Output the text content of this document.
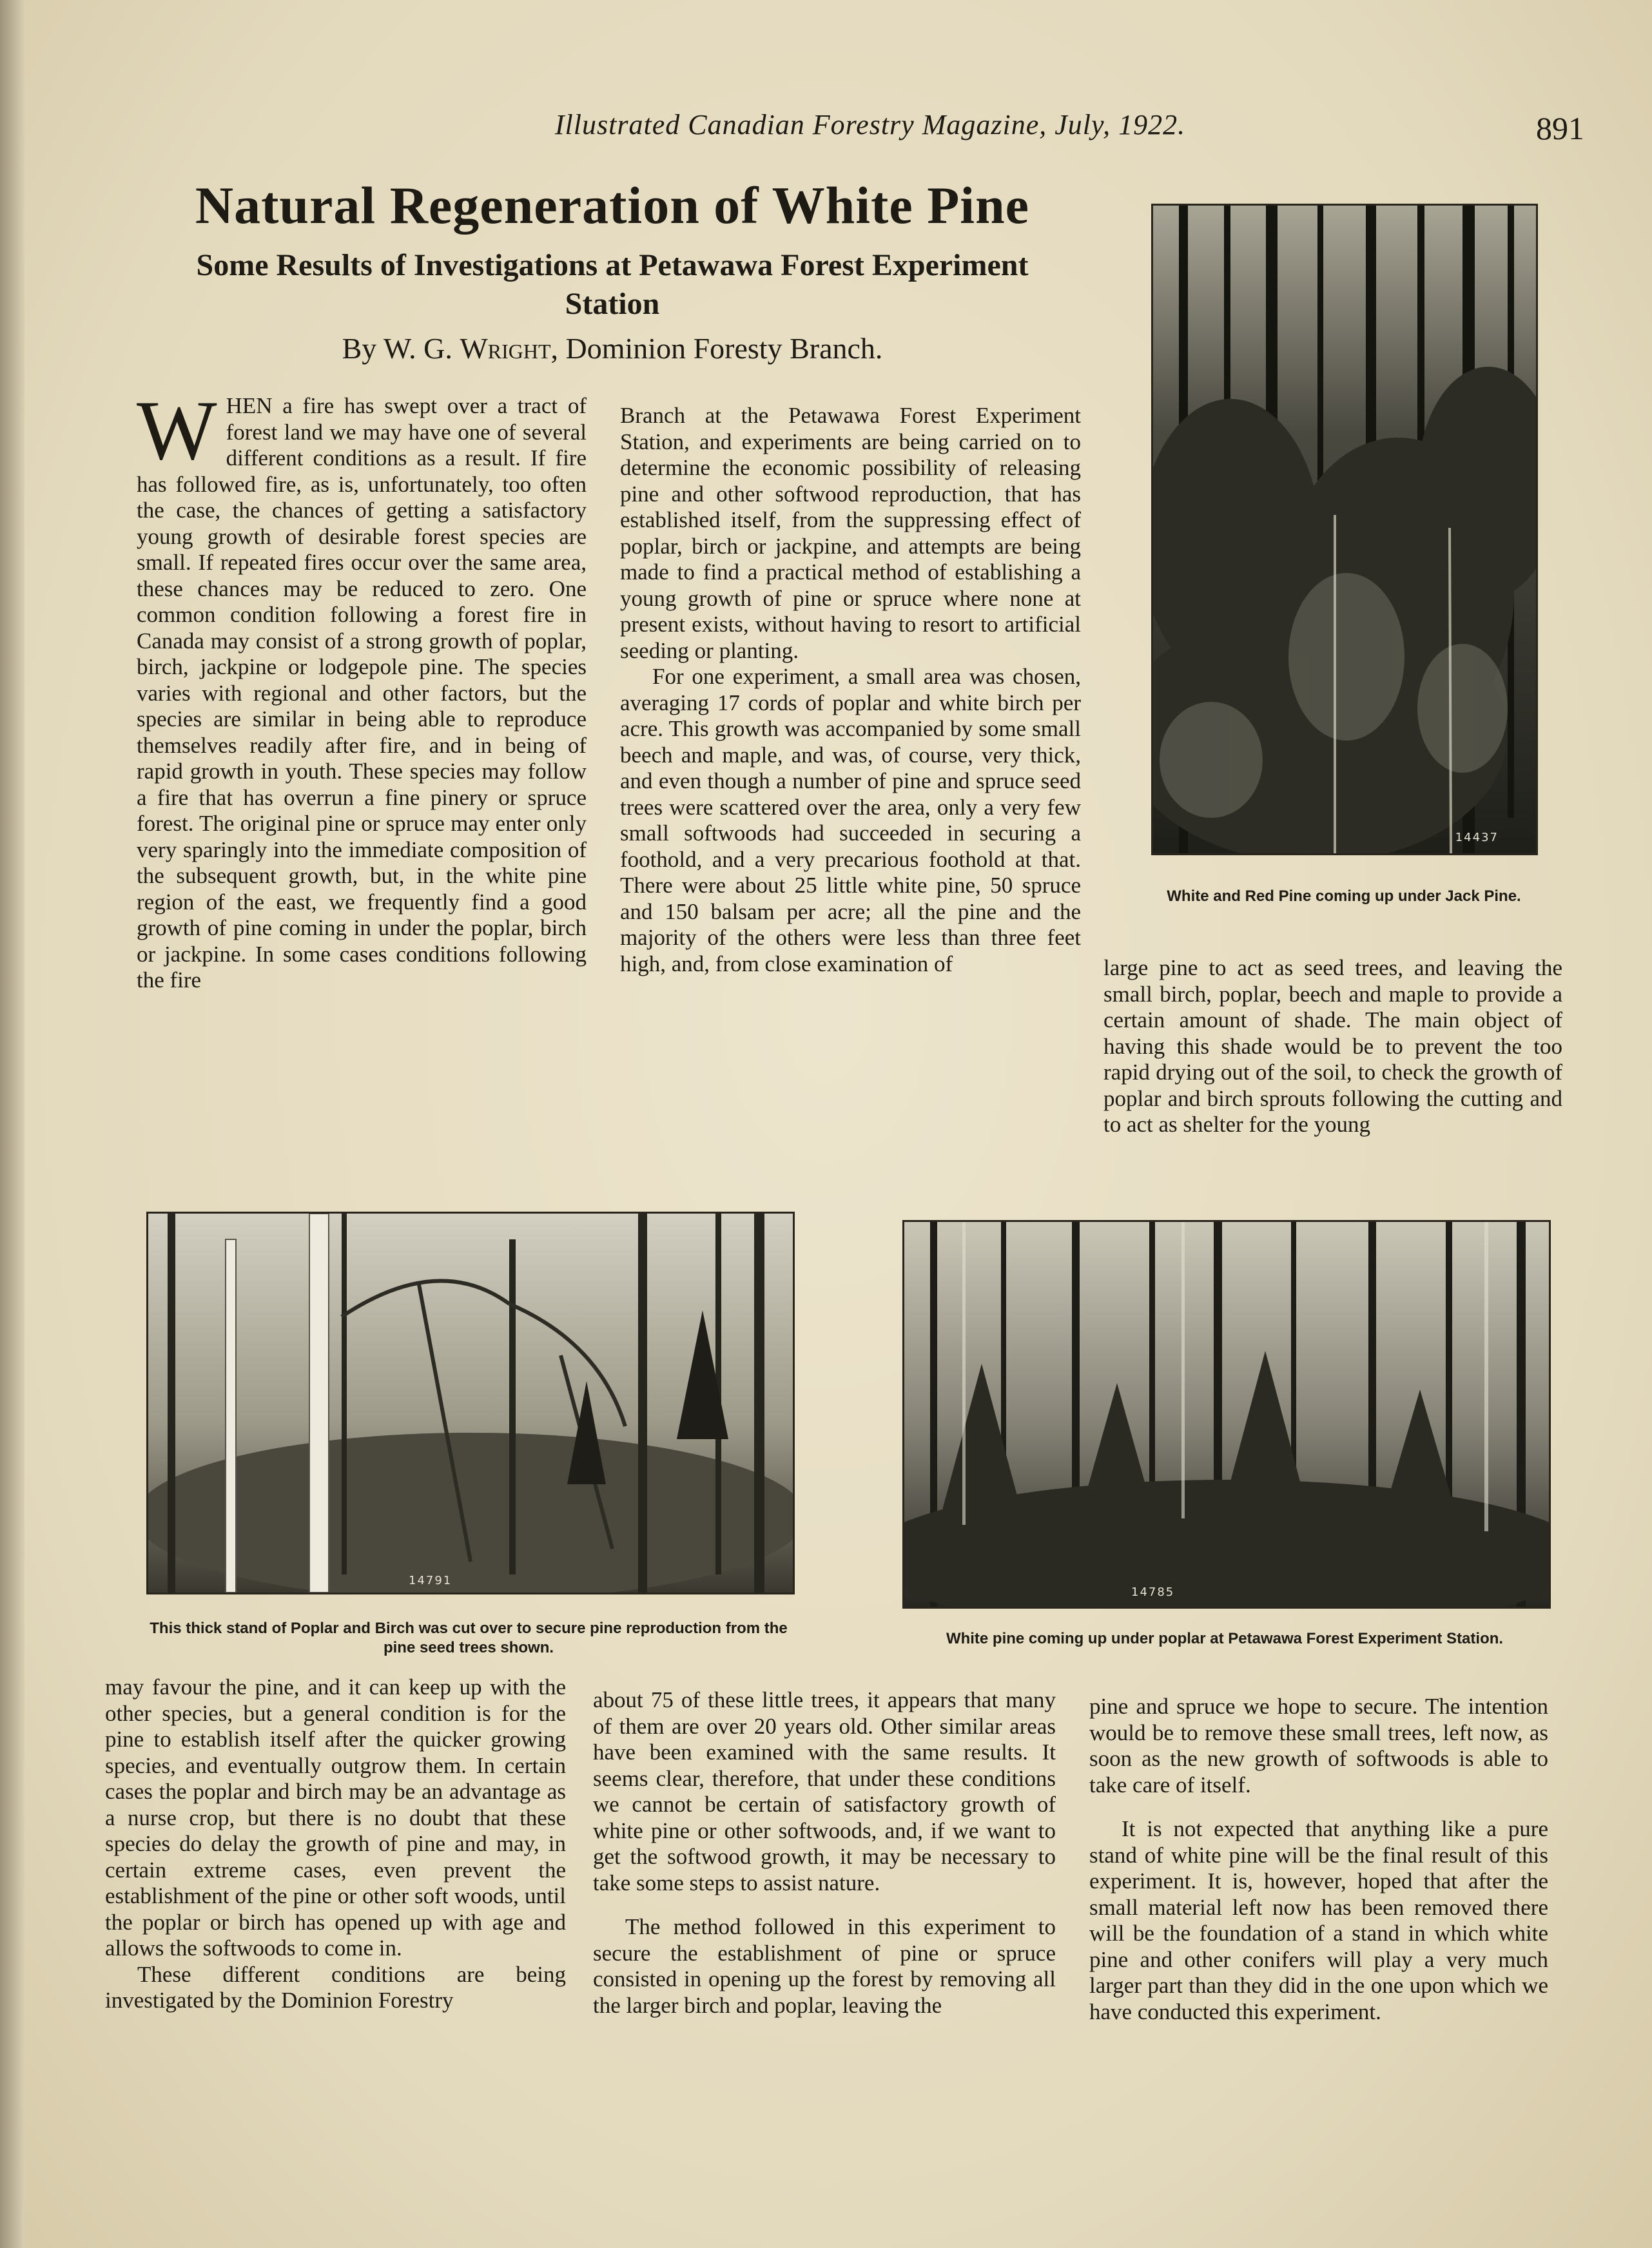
Illustrated Canadian Forestry Magazine, July, 1922.	891
Natural Regeneration of White Pine
Some Results of Investigations at Petawawa Forest Experiment Station
By W. G. Wright, Dominion Foresty Branch.

WHEN a fire has swept over a tract of forest land we may have one of several different conditions as a result. If fire has followed fire, as is, unfortunately, too often the case, the chances of getting a satisfactory young growth of desirable forest species are small. If repeated fires occur over the same area, these chances may be reduced to zero. One common condition following a forest fire in Canada may consist of a strong growth of poplar, birch, jackpine or lodgepole pine. The species varies with regional and other factors, but the species are similar in being able to reproduce themselves readily after fire, and in being of rapid growth in youth. These species may follow a fire that has overrun a fine pinery or spruce forest. The original pine or spruce may enter only very sparingly into the immediate composition of the subsequent growth, but, in the white pine region of the east, we frequently find a good growth of pine coming in under the poplar, birch or jackpine. In some cases conditions following the fire

Branch at the Petawawa Forest Experiment Station, and experiments are being carried on to determine the economic possibility of releasing pine and other softwood reproduction, that has established itself, from the suppressing effect of poplar, birch or jackpine, and attempts are being made to find a practical method of establishing a young growth of pine or spruce where none at present exists, without having to resort to artificial seeding or planting.

For one experiment, a small area was chosen, averaging 17 cords of poplar and white birch per acre. This growth was accompanied by some small beech and maple, and was, of course, very thick, and even though a number of pine and spruce seed trees were scattered over the area, only a very few small softwoods had succeeded in securing a foothold, and a very precarious foothold at that. There were about 25 little white pine, 50 spruce and 150 balsam per acre; all the pine and the majority of the others were less than three feet high, and, from close examination of

14437
White and Red Pine coming up under Jack Pine.

large pine to act as seed trees, and leaving the small birch, poplar, beech and maple to provide a certain amount of shade. The main object of having this shade would be to prevent the too rapid drying out of the soil, to check the growth of poplar and birch sprouts following the cutting and to act as shelter for the young

14791
This thick stand of Poplar and Birch was cut over to secure pine reproduction from the pine seed trees shown.
14785
White pine coming up under poplar at Petawawa Forest Experiment Station.

may favour the pine, and it can keep up with the other species, but a general condition is for the pine to establish itself after the quicker growing species, and eventually outgrow them. In certain cases the poplar and birch may be an advantage as a nurse crop, but there is no doubt that these species do delay the growth of pine and may, in certain extreme cases, even prevent the establishment of the pine or other soft woods, until the poplar or birch has opened up with age and allows the softwoods to come in.

These different conditions are being investigated by the Dominion Forestry

about 75 of these little trees, it appears that many of them are over 20 years old. Other similar areas have been examined with the same results. It seems clear, therefore, that under these conditions we cannot be certain of satisfactory growth of white pine or other softwoods, and, if we want to get the softwood growth, it may be necessary to take some steps to assist nature.

The method followed in this experiment to secure the establishment of pine or spruce consisted in opening up the forest by removing all the larger birch and poplar, leaving the

pine and spruce we hope to secure. The intention would be to remove these small trees, left now, as soon as the new growth of softwoods is able to take care of itself.

It is not expected that anything like a pure stand of white pine will be the final result of this experiment. It is, however, hoped that after the small material left now has been removed there will be the foundation of a stand in which white pine and other conifers will play a very much larger part than they did in the one upon which we have conducted this experiment.
